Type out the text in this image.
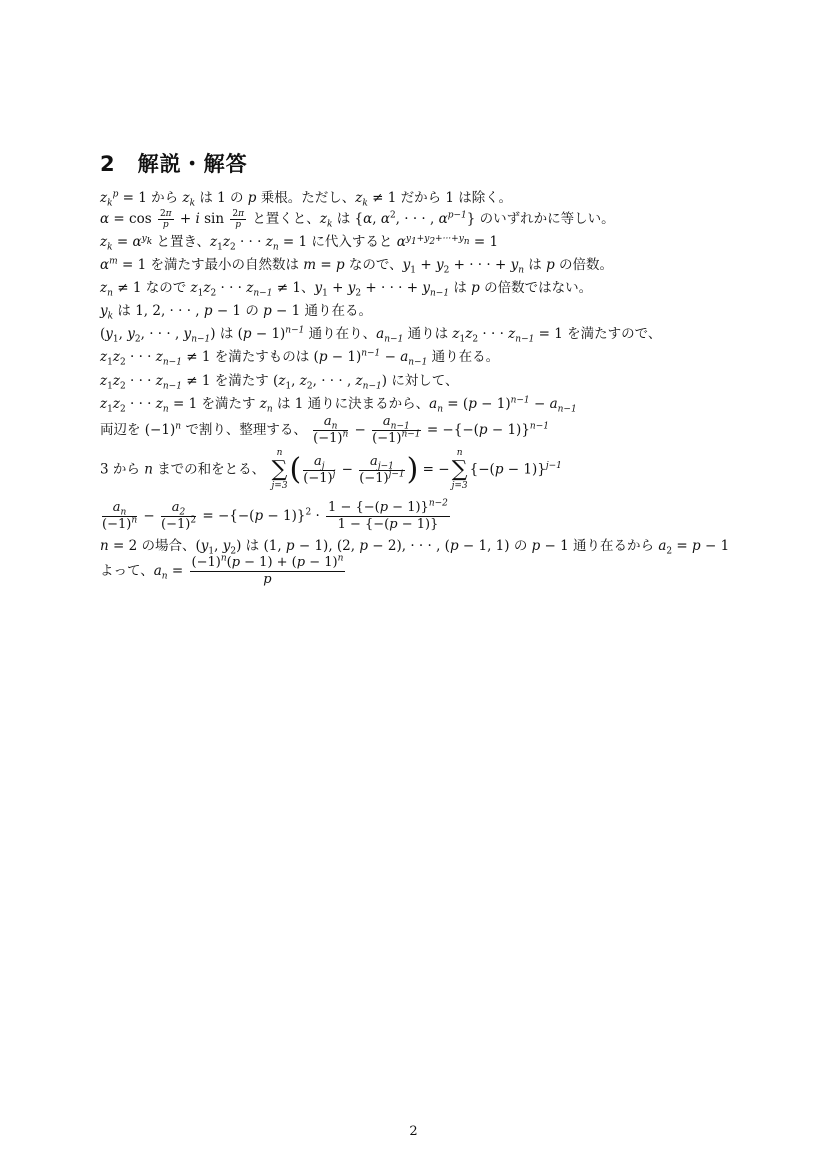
2 解説・解答
$z_k^p = 1$ から $z_k$ は 1 の p 乗根。ただし、$z_k \ne 1$ だから 1 は除く。
$\alpha = \cos \frac{2\pi}{p} + i$ $\sin \frac{2\pi}{p}$ と置くと、$z_k$ は {α, $\alpha^2$, · · · , $\alpha^{p-1}$} のいずれかに等しい。
$z_k = \alpha^{y_k}$ と置き、$z_1z_2$ · · · $z_n = 1$ に代入すると $\alpha^{y_1+y_2+\cdot\cdot\cdot+y_n} = 1$
$\alpha^m = 1$ を満たす最小の自然数は m = p なので、$y_1 + y_2$ + · · · + $y_n$ は p の倍数。
$z_n \ne 1$ なので $z_1z_2$ · · · $z_{n-1} \ne 1$、$y_1 + y_2$ + · · · + $y_{n-1}$ は p の倍数ではない。
$y_k$ は 1, 2, · · · , p − 1 の p − 1 通り在る。
($y_1$, $y_2$, · · · , $y_{n-1}$) は $(p - 1)^{n-1}$ 通り在り、$a_{n-1}$ 通りは $z_1z_2$ · · · $z_{n-1} = 1$ を満たすので、
$z_1z_2$ · · · $z_{n-1} \ne 1$ を満たすものは $(p - 1)^{n-1} - a_{n-1}$ 通り在る。
$z_1z_2$ · · · $z_{n-1} \ne 1$ を満たす ($z_1$, $z_2$, · · · , $z_{n-1}$) に対して、
$z_1z_2$ · · · $z_n = 1$ を満たす $z_n$ は 1 通りに決まるから、$a_n = (p - 1)^{n-1} - a_{n-1}$
両辺を $(-1)^n$ で割り、整理する、 $\frac{a_n}{(-1)^n} - \frac{a_{n-1}}{(-1)^{n-1}} = -\{-(p - 1)\}^{n-1}$
3 から n までの和をとる、
n
∑
j=3 ( $\frac{a_j}{(-1)^j} - \frac{a_{j-1}}{(-1)^{j-1}}$ ) = −
n
∑
j=3
$\{-(p - 1)\}^{j-1}$
$\frac{a_n}{(-1)^n} - \frac{a_2}{(-1)^2} = -\{-(p - 1)\}^2 \cdot \frac{1 - \{-(p - 1)\}^{n-2}}{1 - \{-(p - 1)\}}$
n = 2 の場合、($y_1$, $y_2$) は (1, p − 1), (2, p − 2), · · · , (p − 1, 1) の p − 1 通り在るから $a_2 = p - 1$
よって、$a_n = \frac{(-1)^n(p - 1) + (p - 1)^n}{p}$
2
